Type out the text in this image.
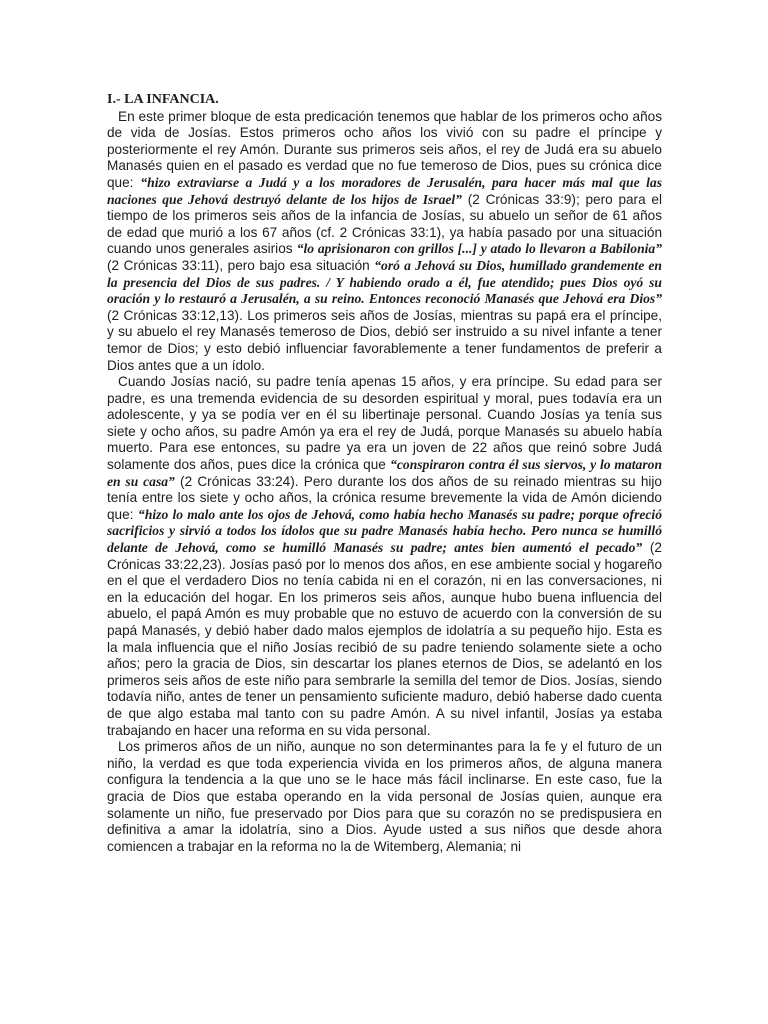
I.- LA INFANCIA.

En este primer bloque de esta predicación tenemos que hablar de los primeros ocho años de vida de Josías. Estos primeros ocho años los vivió con su padre el príncipe y posteriormente el rey Amón. Durante sus primeros seis años, el rey de Judá era su abuelo Manasés quien en el pasado es verdad que no fue temeroso de Dios, pues su crónica dice que: “hizo extraviarse a Judá y a los moradores de Jerusalén, para hacer más mal que las naciones que Jehová destruyó delante de los hijos de Israel” (2 Crónicas 33:9); pero para el tiempo de los primeros seis años de la infancia de Josías, su abuelo un señor de 61 años de edad que murió a los 67 años (cf. 2 Crónicas 33:1), ya había pasado por una situación cuando unos generales asirios “lo aprisionaron con grillos [...] y atado lo llevaron a Babilonia” (2 Crónicas 33:11), pero bajo esa situación “oró a Jehová su Dios, humillado grandemente en la presencia del Dios de sus padres. / Y habiendo orado a él, fue atendido; pues Dios oyó su oración y lo restauró a Jerusalén, a su reino. Entonces reconoció Manasés que Jehová era Dios” (2 Crónicas 33:12,13). Los primeros seis años de Josías, mientras su papá era el príncipe, y su abuelo el rey Manasés temeroso de Dios, debió ser instruido a su nivel infante a tener temor de Dios; y esto debió influenciar favorablemente a tener fundamentos de preferir a Dios antes que a un ídolo.

Cuando Josías nació, su padre tenía apenas 15 años, y era príncipe. Su edad para ser padre, es una tremenda evidencia de su desorden espiritual y moral, pues todavía era un adolescente, y ya se podía ver en él su libertinaje personal. Cuando Josías ya tenía sus siete y ocho años, su padre Amón ya era el rey de Judá, porque Manasés su abuelo había muerto. Para ese entonces, su padre ya era un joven de 22 años que reinó sobre Judá solamente dos años, pues dice la crónica que “conspiraron contra él sus siervos, y lo mataron en su casa” (2 Crónicas 33:24). Pero durante los dos años de su reinado mientras su hijo tenía entre los siete y ocho años, la crónica resume brevemente la vida de Amón diciendo que: “hizo lo malo ante los ojos de Jehová, como había hecho Manasés su padre; porque ofreció sacrificios y sirvió a todos los ídolos que su padre Manasés había hecho. Pero nunca se humilló delante de Jehová, como se humilló Manasés su padre; antes bien aumentó el pecado” (2 Crónicas 33:22,23). Josías pasó por lo menos dos años, en ese ambiente social y hogareño en el que el verdadero Dios no tenía cabida ni en el corazón, ni en las conversaciones, ni en la educación del hogar. En los primeros seis años, aunque hubo buena influencia del abuelo, el papá Amón es muy probable que no estuvo de acuerdo con la conversión de su papá Manasés, y debió haber dado malos ejemplos de idolatría a su pequeño hijo. Esta es la mala influencia que el niño Josías recibió de su padre teniendo solamente siete a ocho años; pero la gracia de Dios, sin descartar los planes eternos de Dios, se adelantó en los primeros seis años de este niño para sembrarle la semilla del temor de Dios. Josías, siendo todavía niño, antes de tener un pensamiento suficiente maduro, debió haberse dado cuenta de que algo estaba mal tanto con su padre Amón. A su nivel infantil, Josías ya estaba trabajando en hacer una reforma en su vida personal.

Los primeros años de un niño, aunque no son determinantes para la fe y el futuro de un niño, la verdad es que toda experiencia vivida en los primeros años, de alguna manera configura la tendencia a la que uno se le hace más fácil inclinarse. En este caso, fue la gracia de Dios que estaba operando en la vida personal de Josías quien, aunque era solamente un niño, fue preservado por Dios para que su corazón no se predispusiera en definitiva a amar la idolatría, sino a Dios. Ayude usted a sus niños que desde ahora comiencen a trabajar en la reforma no la de Witemberg, Alemania; ni
